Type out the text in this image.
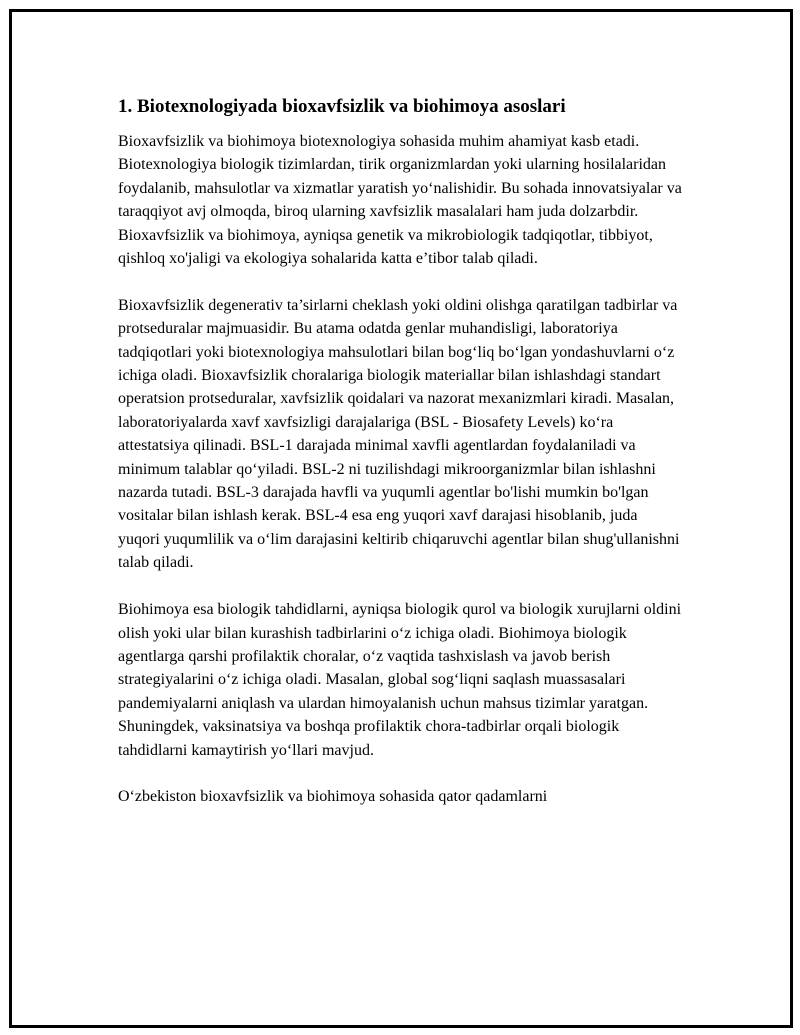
1. Biotexnologiyada bioxavfsizlik va biohimoya asoslari

Bioxavfsizlik va biohimoya biotexnologiya sohasida muhim ahamiyat kasb etadi. Biotexnologiya biologik tizimlardan, tirik organizmlardan yoki ularning hosilalaridan foydalanib, mahsulotlar va xizmatlar yaratish yo‘nalishidir. Bu sohada innovatsiyalar va taraqqiyot avj olmoqda, biroq ularning xavfsizlik masalalari ham juda dolzarbdir. Bioxavfsizlik va biohimoya, ayniqsa genetik va mikrobiologik tadqiqotlar, tibbiyot, qishloq xo'jaligi va ekologiya sohalarida katta e’tibor talab qiladi.

Bioxavfsizlik degenerativ ta’sirlarni cheklash yoki oldini olishga qaratilgan tadbirlar va protseduralar majmuasidir. Bu atama odatda genlar muhandisligi, laboratoriya tadqiqotlari yoki biotexnologiya mahsulotlari bilan bog‘liq bo‘lgan yondashuvlarni o‘z ichiga oladi. Bioxavfsizlik choralariga biologik materiallar bilan ishlashdagi standart operatsion protseduralar, xavfsizlik qoidalari va nazorat mexanizmlari kiradi. Masalan, laboratoriyalarda xavf xavfsizligi darajalariga (BSL - Biosafety Levels) ko‘ra attestatsiya qilinadi. BSL-1 darajada minimal xavfli agentlardan foydalaniladi va minimum talablar qo‘yiladi. BSL-2 ni tuzilishdagi mikroorganizmlar bilan ishlashni nazarda tutadi. BSL-3 darajada havfli va yuqumli agentlar bo'lishi mumkin bo'lgan vositalar bilan ishlash kerak. BSL-4 esa eng yuqori xavf darajasi hisoblanib, juda yuqori yuqumlilik va o‘lim darajasini keltirib chiqaruvchi agentlar bilan shug'ullanishni talab qiladi.

Biohimoya esa biologik tahdidlarni, ayniqsa biologik qurol va biologik xurujlarni oldini olish yoki ular bilan kurashish tadbirlarini o‘z ichiga oladi. Biohimoya biologik agentlarga qarshi profilaktik choralar, o‘z vaqtida tashxislash va javob berish strategiyalarini o‘z ichiga oladi. Masalan, global sog‘liqni saqlash muassasalari pandemiyalarni aniqlash va ulardan himoyalanish uchun mahsus tizimlar yaratgan. Shuningdek, vaksinatsiya va boshqa profilaktik chora-tadbirlar orqali biologik tahdidlarni kamaytirish yo‘llari mavjud.

O‘zbekiston bioxavfsizlik va biohimoya sohasida qator qadamlarni
